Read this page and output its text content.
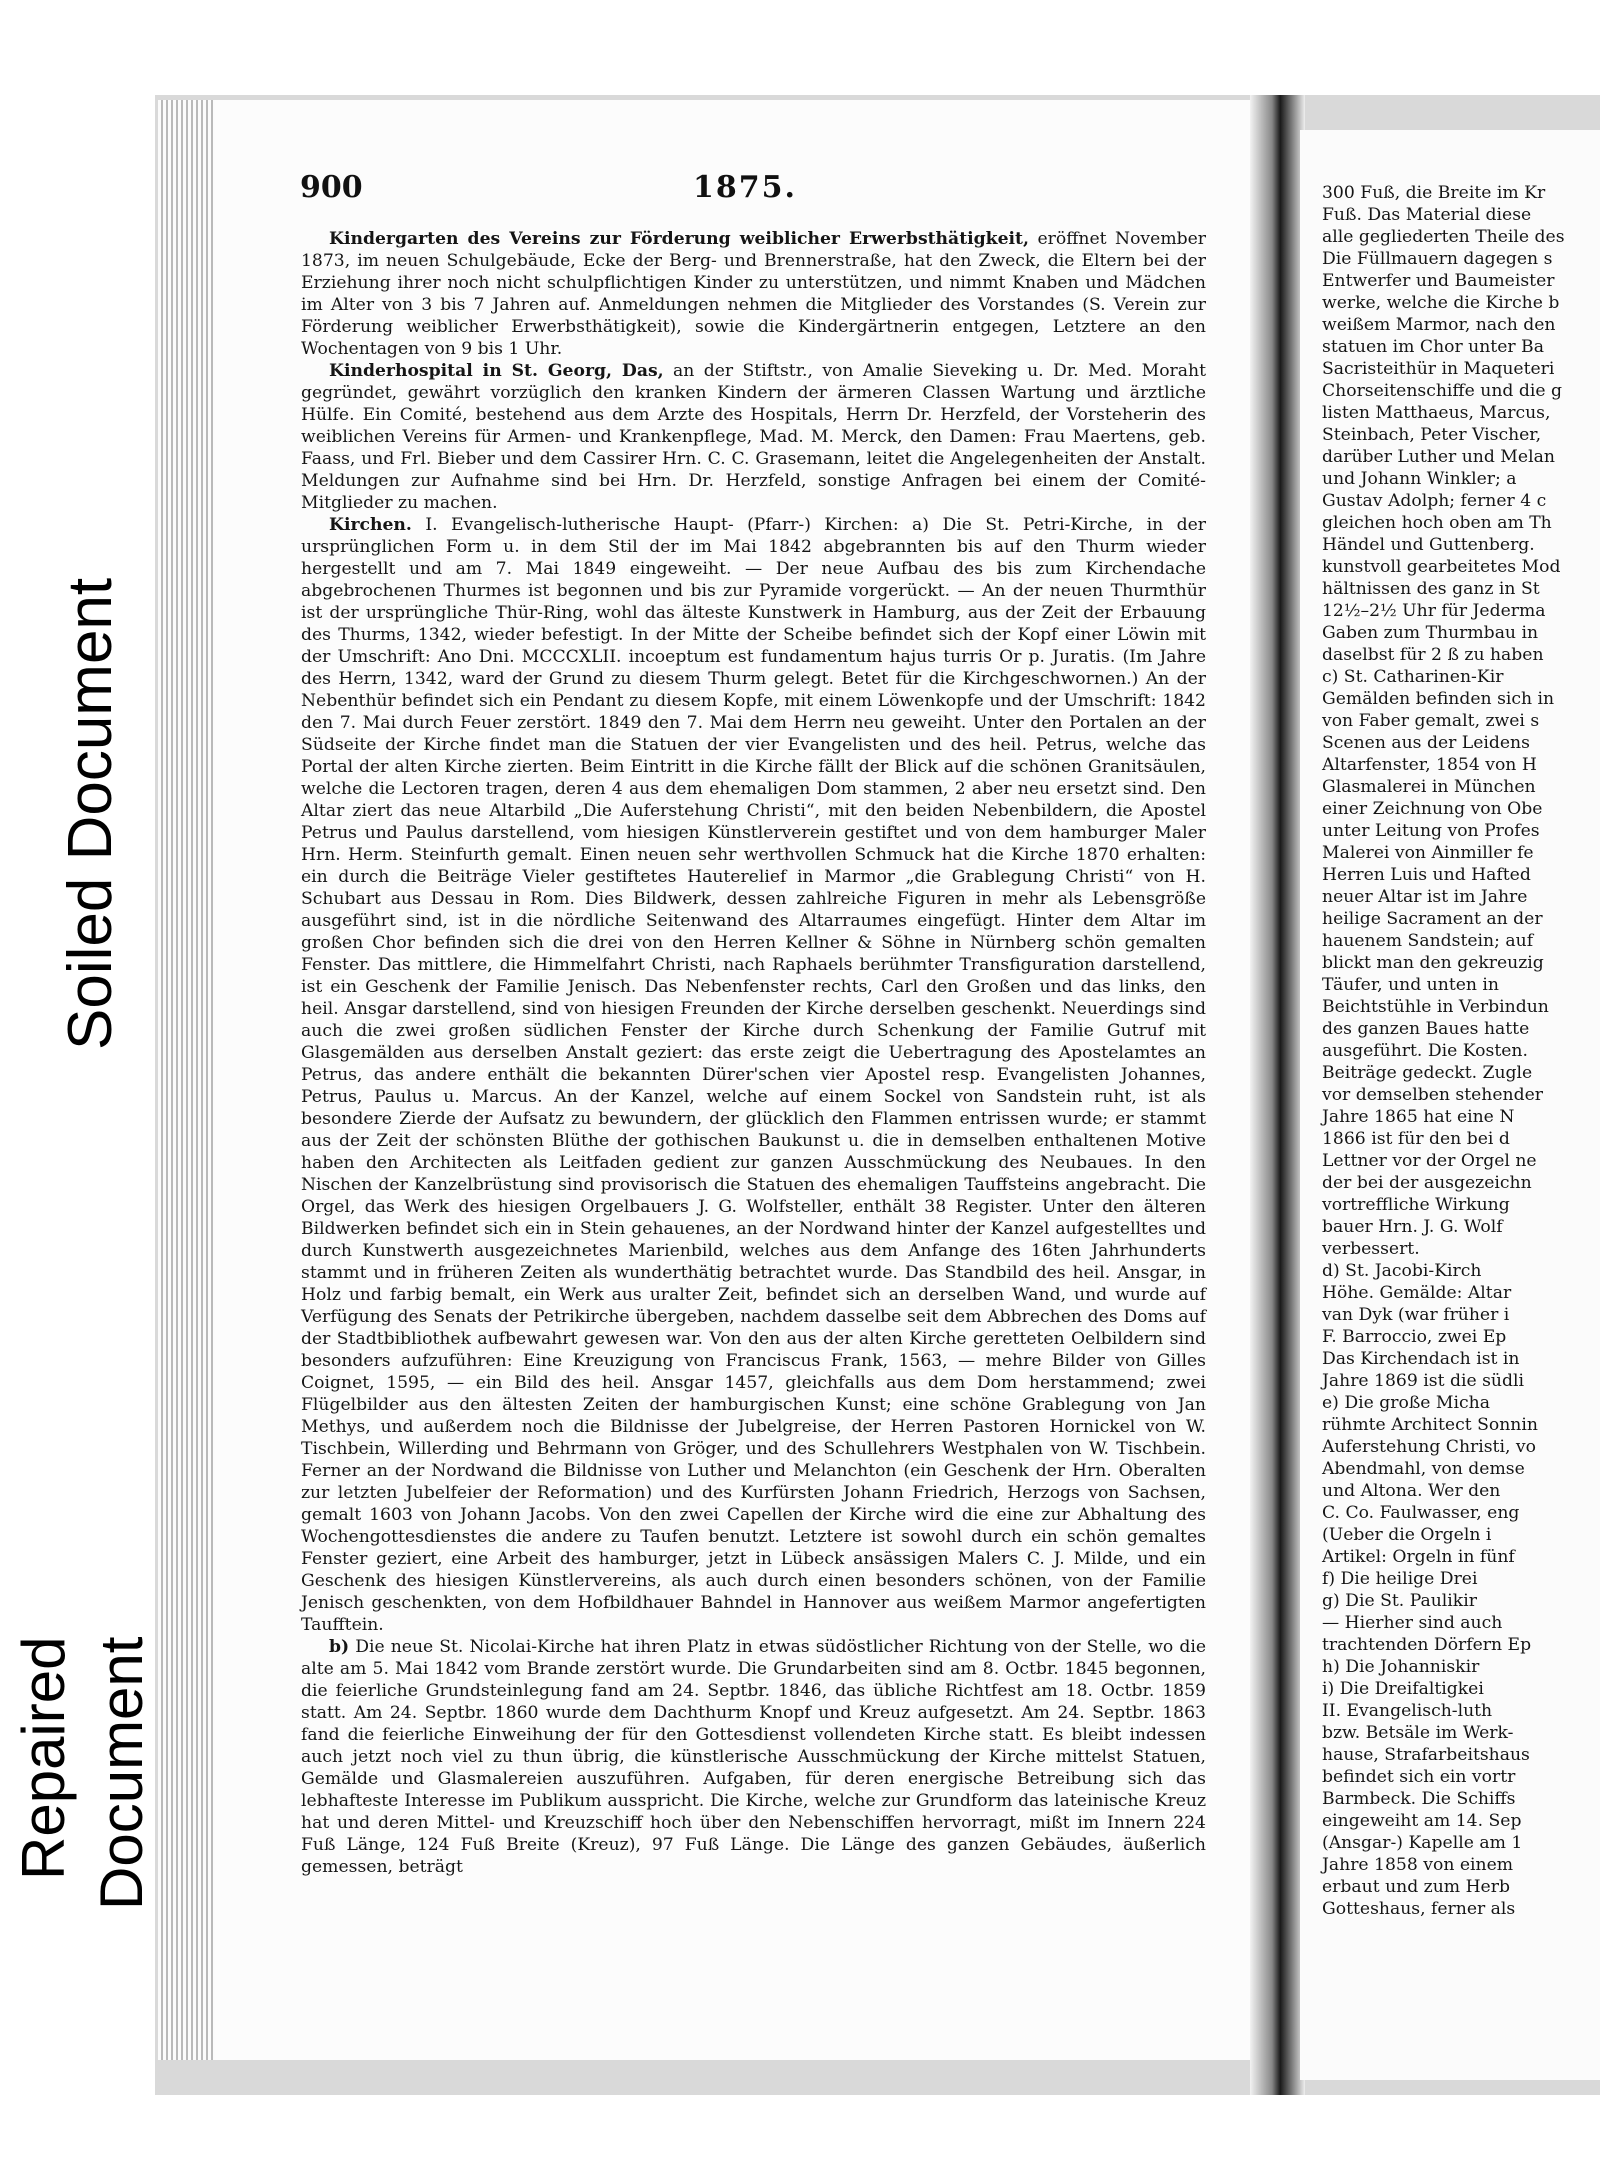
Soiled Document
Repaired Document
900	1875.

Kindergarten des Vereins zur Förderung weiblicher Erwerbsthätigkeit, eröffnet November 1873, im neuen Schulgebäude, Ecke der Berg- und Brennerstraße, hat den Zweck, die Eltern bei der Erziehung ihrer noch nicht schulpflichtigen Kinder zu unterstützen, und nimmt Knaben und Mädchen im Alter von 3 bis 7 Jahren auf. Anmeldungen nehmen die Mitglieder des Vorstandes (S. Verein zur Förderung weiblicher Erwerbsthätigkeit), sowie die Kindergärtnerin entgegen, Letztere an den Wochentagen von 9 bis 1 Uhr.

Kinderhospital in St. Georg, Das, an der Stiftstr., von Amalie Sieveking u. Dr. Med. Moraht gegründet, gewährt vorzüglich den kranken Kindern der ärmeren Classen Wartung und ärztliche Hülfe. Ein Comité, bestehend aus dem Arzte des Hospitals, Herrn Dr. Herzfeld, der Vorsteherin des weiblichen Vereins für Armen- und Krankenpflege, Mad. M. Merck, den Damen: Frau Maertens, geb. Faass, und Frl. Bieber und dem Cassirer Hrn. C. C. Grasemann, leitet die Angelegenheiten der Anstalt. Meldungen zur Aufnahme sind bei Hrn. Dr. Herzfeld, sonstige Anfragen bei einem der Comité-Mitglieder zu machen.

Kirchen. I. Evangelisch-lutherische Haupt- (Pfarr-) Kirchen: a) Die St. Petri-Kirche, in der ursprünglichen Form u. in dem Stil der im Mai 1842 abgebrannten bis auf den Thurm wieder hergestellt und am 7. Mai 1849 eingeweiht. — Der neue Aufbau des bis zum Kirchendache abgebrochenen Thurmes ist begonnen und bis zur Pyramide vorgerückt. — An der neuen Thurmthür ist der ursprüngliche Thür-Ring, wohl das älteste Kunstwerk in Hamburg, aus der Zeit der Erbauung des Thurms, 1342, wieder befestigt. In der Mitte der Scheibe befindet sich der Kopf einer Löwin mit der Umschrift: Ano Dni. MCCCXLII. incoeptum est fundamentum hajus turris Or p. Juratis. (Im Jahre des Herrn, 1342, ward der Grund zu diesem Thurm gelegt. Betet für die Kirchgeschwornen.) An der Nebenthür befindet sich ein Pendant zu diesem Kopfe, mit einem Löwenkopfe und der Umschrift: 1842 den 7. Mai durch Feuer zerstört. 1849 den 7. Mai dem Herrn neu geweiht. Unter den Portalen an der Südseite der Kirche findet man die Statuen der vier Evangelisten und des heil. Petrus, welche das Portal der alten Kirche zierten. Beim Eintritt in die Kirche fällt der Blick auf die schönen Granitsäulen, welche die Lectoren tragen, deren 4 aus dem ehemaligen Dom stammen, 2 aber neu ersetzt sind. Den Altar ziert das neue Altarbild „Die Auferstehung Christi“, mit den beiden Nebenbildern, die Apostel Petrus und Paulus darstellend, vom hiesigen Künstlerverein gestiftet und von dem hamburger Maler Hrn. Herm. Steinfurth gemalt. Einen neuen sehr werthvollen Schmuck hat die Kirche 1870 erhalten: ein durch die Beiträge Vieler gestiftetes Hauterelief in Marmor „die Grablegung Christi“ von H. Schubart aus Dessau in Rom. Dies Bildwerk, dessen zahlreiche Figuren in mehr als Lebensgröße ausgeführt sind, ist in die nördliche Seitenwand des Altarraumes eingefügt. Hinter dem Altar im großen Chor befinden sich die drei von den Herren Kellner & Söhne in Nürnberg schön gemalten Fenster. Das mittlere, die Himmelfahrt Christi, nach Raphaels berühmter Transfiguration darstellend, ist ein Geschenk der Familie Jenisch. Das Nebenfenster rechts, Carl den Großen und das links, den heil. Ansgar darstellend, sind von hiesigen Freunden der Kirche derselben geschenkt. Neuerdings sind auch die zwei großen südlichen Fenster der Kirche durch Schenkung der Familie Gutruf mit Glasgemälden aus derselben Anstalt geziert: das erste zeigt die Uebertragung des Apostelamtes an Petrus, das andere enthält die bekannten Dürer'schen vier Apostel resp. Evangelisten Johannes, Petrus, Paulus u. Marcus. An der Kanzel, welche auf einem Sockel von Sandstein ruht, ist als besondere Zierde der Aufsatz zu bewundern, der glücklich den Flammen entrissen wurde; er stammt aus der Zeit der schönsten Blüthe der gothischen Baukunst u. die in demselben enthaltenen Motive haben den Architecten als Leitfaden gedient zur ganzen Ausschmückung des Neubaues. In den Nischen der Kanzelbrüstung sind provisorisch die Statuen des ehemaligen Tauffsteins angebracht. Die Orgel, das Werk des hiesigen Orgelbauers J. G. Wolfsteller, enthält 38 Register. Unter den älteren Bildwerken befindet sich ein in Stein gehauenes, an der Nordwand hinter der Kanzel aufgestelltes und durch Kunstwerth ausgezeichnetes Marienbild, welches aus dem Anfange des 16ten Jahrhunderts stammt und in früheren Zeiten als wunderthätig betrachtet wurde. Das Standbild des heil. Ansgar, in Holz und farbig bemalt, ein Werk aus uralter Zeit, befindet sich an derselben Wand, und wurde auf Verfügung des Senats der Petrikirche übergeben, nachdem dasselbe seit dem Abbrechen des Doms auf der Stadtbibliothek aufbewahrt gewesen war. Von den aus der alten Kirche geretteten Oelbildern sind besonders aufzuführen: Eine Kreuzigung von Franciscus Frank, 1563, — mehre Bilder von Gilles Coignet, 1595, — ein Bild des heil. Ansgar 1457, gleichfalls aus dem Dom herstammend; zwei Flügelbilder aus den ältesten Zeiten der hamburgischen Kunst; eine schöne Grablegung von Jan Methys, und außerdem noch die Bildnisse der Jubelgreise, der Herren Pastoren Hornickel von W. Tischbein, Willerding und Behrmann von Gröger, und des Schullehrers Westphalen von W. Tischbein. Ferner an der Nordwand die Bildnisse von Luther und Melanchton (ein Geschenk der Hrn. Oberalten zur letzten Jubelfeier der Reformation) und des Kurfürsten Johann Friedrich, Herzogs von Sachsen, gemalt 1603 von Johann Jacobs. Von den zwei Capellen der Kirche wird die eine zur Abhaltung des Wochengottesdienstes die andere zu Taufen benutzt. Letztere ist sowohl durch ein schön gemaltes Fenster geziert, eine Arbeit des hamburger, jetzt in Lübeck ansässigen Malers C. J. Milde, und ein Geschenk des hiesigen Künstlervereins, als auch durch einen besonders schönen, von der Familie Jenisch geschenkten, von dem Hofbildhauer Bahndel in Hannover aus weißem Marmor angefertigten Taufftein.

b) Die neue St. Nicolai-Kirche hat ihren Platz in etwas südöstlicher Richtung von der Stelle, wo die alte am 5. Mai 1842 vom Brande zerstört wurde. Die Grundarbeiten sind am 8. Octbr. 1845 begonnen, die feierliche Grundsteinlegung fand am 24. Septbr. 1846, das übliche Richtfest am 18. Octbr. 1859 statt. Am 24. Septbr. 1860 wurde dem Dachthurm Knopf und Kreuz aufgesetzt. Am 24. Septbr. 1863 fand die feierliche Einweihung der für den Gottesdienst vollendeten Kirche statt. Es bleibt indessen auch jetzt noch viel zu thun übrig, die künstlerische Ausschmückung der Kirche mittelst Statuen, Gemälde und Glasmalereien auszuführen. Aufgaben, für deren energische Betreibung sich das lebhafteste Interesse im Publikum ausspricht. Die Kirche, welche zur Grundform das lateinische Kreuz hat und deren Mittel- und Kreuzschiff hoch über den Nebenschiffen hervorragt, mißt im Innern 224 Fuß Länge, 124 Fuß Breite (Kreuz), 97 Fuß Länge. Die Länge des ganzen Gebäudes, äußerlich gemessen, beträgt

300 Fuß, die Breite im Kr
Fuß. Das Material diese
alle gegliederten Theile des
Die Füllmauern dagegen s
Entwerfer und Baumeister
werke, welche die Kirche b
weißem Marmor, nach den
statuen im Chor unter Ba
Sacristeithür in Maqueteri
Chorseitenschiffe und die g
listen Matthaeus, Marcus,
Steinbach, Peter Vischer,
darüber Luther und Melan
und Johann Winkler; a
Gustav Adolph; ferner 4 c
gleichen hoch oben am Th
Händel und Guttenberg.
kunstvoll gearbeitetes Mod
hältnissen des ganz in St
12½–2½ Uhr für Jederma
Gaben zum Thurmbau in
daselbst für 2 ß zu haben
c) St. Catharinen-Kir
Gemälden befinden sich in
von Faber gemalt, zwei s
Scenen aus der Leidens
Altarfenster, 1854 von H
Glasmalerei in München
einer Zeichnung von Obe
unter Leitung von Profes
Malerei von Ainmiller fe
Herren Luis und Hafted
neuer Altar ist im Jahre
heilige Sacrament an der
hauenem Sandstein; auf
blickt man den gekreuzig
Täufer, und unten in
Beichtstühle in Verbindun
des ganzen Baues hatte
ausgeführt. Die Kosten.
Beiträge gedeckt. Zugle
vor demselben stehender
Jahre 1865 hat eine N
1866 ist für den bei d
Lettner vor der Orgel ne
der bei der ausgezeichn
vortreffliche Wirkung
bauer Hrn. J. G. Wolf
verbessert.
d) St. Jacobi-Kirch
Höhe. Gemälde: Altar
van Dyk (war früher i
F. Barroccio, zwei Ep
Das Kirchendach ist in
Jahre 1869 ist die südli
e) Die große Micha
rühmte Architect Sonnin
Auferstehung Christi, vo
Abendmahl, von demse
und Altona. Wer den
C. Co. Faulwasser, eng
(Ueber die Orgeln i
Artikel: Orgeln in fünf
f) Die heilige Drei
g) Die St. Paulikir
— Hierher sind auch
trachtenden Dörfern Ep
h) Die Johanniskir
i) Die Dreifaltigkei
II. Evangelisch-luth
bzw. Betsäle im Werk-
hause, Strafarbeitshaus
befindet sich ein vortr
Barmbeck. Die Schiffs
eingeweiht am 14. Sep
(Ansgar-) Kapelle am 1
Jahre 1858 von einem
erbaut und zum Herb
Gotteshaus, ferner als
